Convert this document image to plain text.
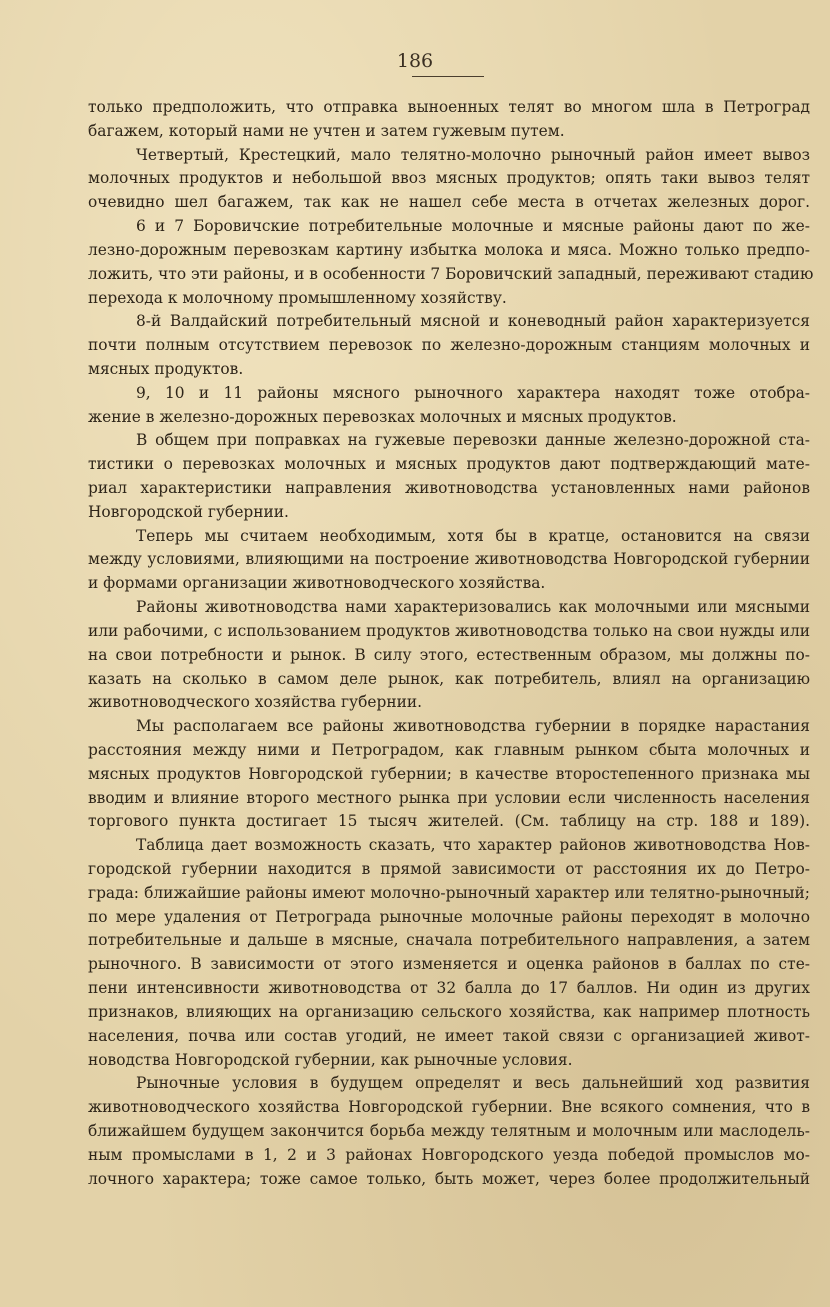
186
только предположить, что отправка выноенных телят во многом шла в Петроград
багажем, который нами не учтен и затем гужевым путем.
Четвертый, Крестецкий, мало телятно-молочно рыночный район имеет вывоз
молочных продуктов и небольшой ввоз мясных продуктов; опять таки вывоз телят
очевидно шел багажем, так как не нашел себе места в отчетах железных дорог.
6 и 7 Боровичские потребительные молочные и мясные районы дают по же-
лезно-дорожным перевозкам картину избытка молока и мяса. Можно только предпо-
ложить, что эти районы, и в особенности 7 Боровичский западный, переживают стадию
перехода к молочному промышленному хозяйству.
8-й Валдайский потребительный мясной и коневодный район характеризуется
почти полным отсутствием перевозок по железно-дорожным станциям молочных и
мясных продуктов.
9, 10 и 11 районы мясного рыночного характера находят тоже отобра-
жение в железно-дорожных перевозках молочных и мясных продуктов.
В общем при поправках на гужевые перевозки данные железно-дорожной ста-
тистики о перевозках молочных и мясных продуктов дают подтверждающий мате-
риал характеристики направления животноводства установленных нами районов
Новгородской губернии.
Теперь мы считаем необходимым, хотя бы в кратце, остановится на связи
между условиями, влияющими на построение животноводства Новгородской губернии
и формами организации животноводческого хозяйства.
Районы животноводства нами характеризовались как молочными или мясными
или рабочими, с использованием продуктов животноводства только на свои нужды или
на свои потребности и рынок. В силу этого, естественным образом, мы должны по-
казать на сколько в самом деле рынок, как потребитель, влиял на организацию
животноводческого хозяйства губернии.
Мы располагаем все районы животноводства губернии в порядке нарастания
расстояния между ними и Петроградом, как главным рынком сбыта молочных и
мясных продуктов Новгородской губернии; в качестве второстепенного признака мы
вводим и влияние второго местного рынка при условии если численность населения
торгового пункта достигает 15 тысяч жителей. (См. таблицу на стр. 188 и 189).
Таблица дает возможность сказать, что характер районов животноводства Нов-
городской губернии находится в прямой зависимости от расстояния их до Петро-
града: ближайшие районы имеют молочно-рыночный характер или телятно-рыночный;
по мере удаления от Петрограда рыночные молочные районы переходят в молочно
потребительные и дальше в мясные, сначала потребительного направления, а затем
рыночного. В зависимости от этого изменяется и оценка районов в баллах по сте-
пени интенсивности животноводства от 32 балла до 17 баллов. Ни один из других
признаков, влияющих на организацию сельского хозяйства, как например плотность
населения, почва или состав угодий, не имеет такой связи с организацией живот-
новодства Новгородской губернии, как рыночные условия.
Рыночные условия в будущем определят и весь дальнейший ход развития
животноводческого хозяйства Новгородской губернии. Вне всякого сомнения, что в
ближайшем будущем закончится борьба между телятным и молочным или маслодель-
ным промыслами в 1, 2 и 3 районах Новгородского уезда победой промыслов мо-
лочного характера; тоже самое только, быть может, через более продолжительный
